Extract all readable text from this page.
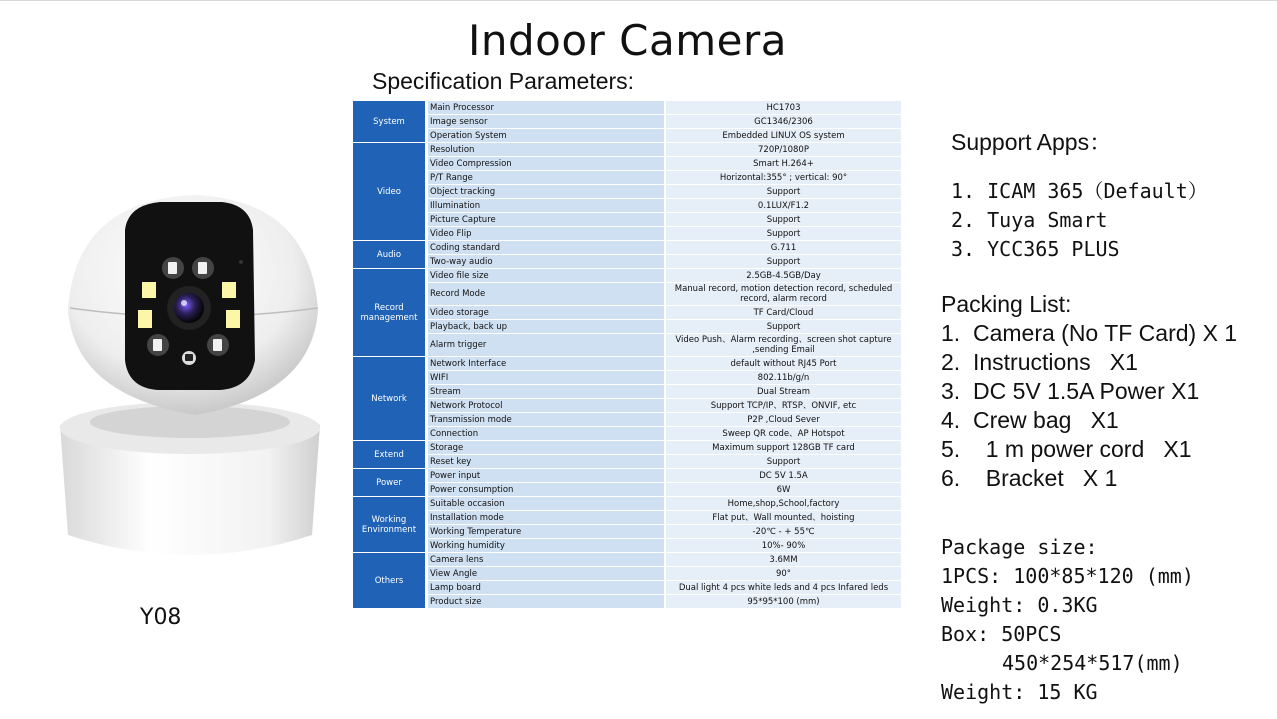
Indoor Camera
Specification Parameters:
Y08
System	Main Processor	HC1703
	Image sensor	GC1346/2306
	Operation System	Embedded LINUX OS system
Video	Resolution	720P/1080P
	Video Compression	Smart H.264+
	P/T Range	Horizontal:355° ; vertical: 90°
	Object tracking	Support
	Illumination	0.1LUX/F1.2
	Picture Capture	Support
	Video Flip	Support
Audio	Coding standard	G.711
	Two-way audio	Support
Record management	Video file size	2.5GB-4.5GB/Day
	Record Mode	Manual record, motion detection record, scheduled record, alarm record
	Video storage	TF Card/Cloud
	Playback, back up	Support
	Alarm trigger	Video Push、Alarm recording、screen shot capture ,sending Email
Network	Network Interface	default without RJ45 Port
	WIFI	802.11b/g/n
	Stream	Dual Stream
	Network Protocol	Support TCP/IP、RTSP、ONVIF, etc
	Transmission mode	P2P ,Cloud Sever
	Connection	Sweep QR code、AP Hotspot
Extend	Storage	Maximum support 128GB TF card
	Reset key	Support
Power	Power input	DC 5V 1.5A
	Power consumption	6W
Working Environment	Suitable occasion	Home,shop,School,factory
	Installation mode	Flat put、Wall mounted、hoisting
	Working Temperature	-20℃ - + 55℃
	Working humidity	10%- 90%
Others	Camera lens	3.6MM
	View Angle	90°
	Lamp board	Dual light 4 pcs white leds and 4 pcs Infared leds
	Product size	95*95*100 (mm)
Support Apps：
1. ICAM 365（Default）
2. Tuya Smart
3. YCC365 PLUS
Packing List:
1.  Camera (No TF Card) X 1
2.  Instructions   X1
3.  DC 5V 1.5A Power X1
4.  Crew bag   X1
5.    1 m power cord   X1
6.    Bracket   X 1
Package size:
1PCS: 100*85*120 (mm)
Weight: 0.3KG
Box: 50PCS
450*254*517(mm)
Weight: 15 KG
